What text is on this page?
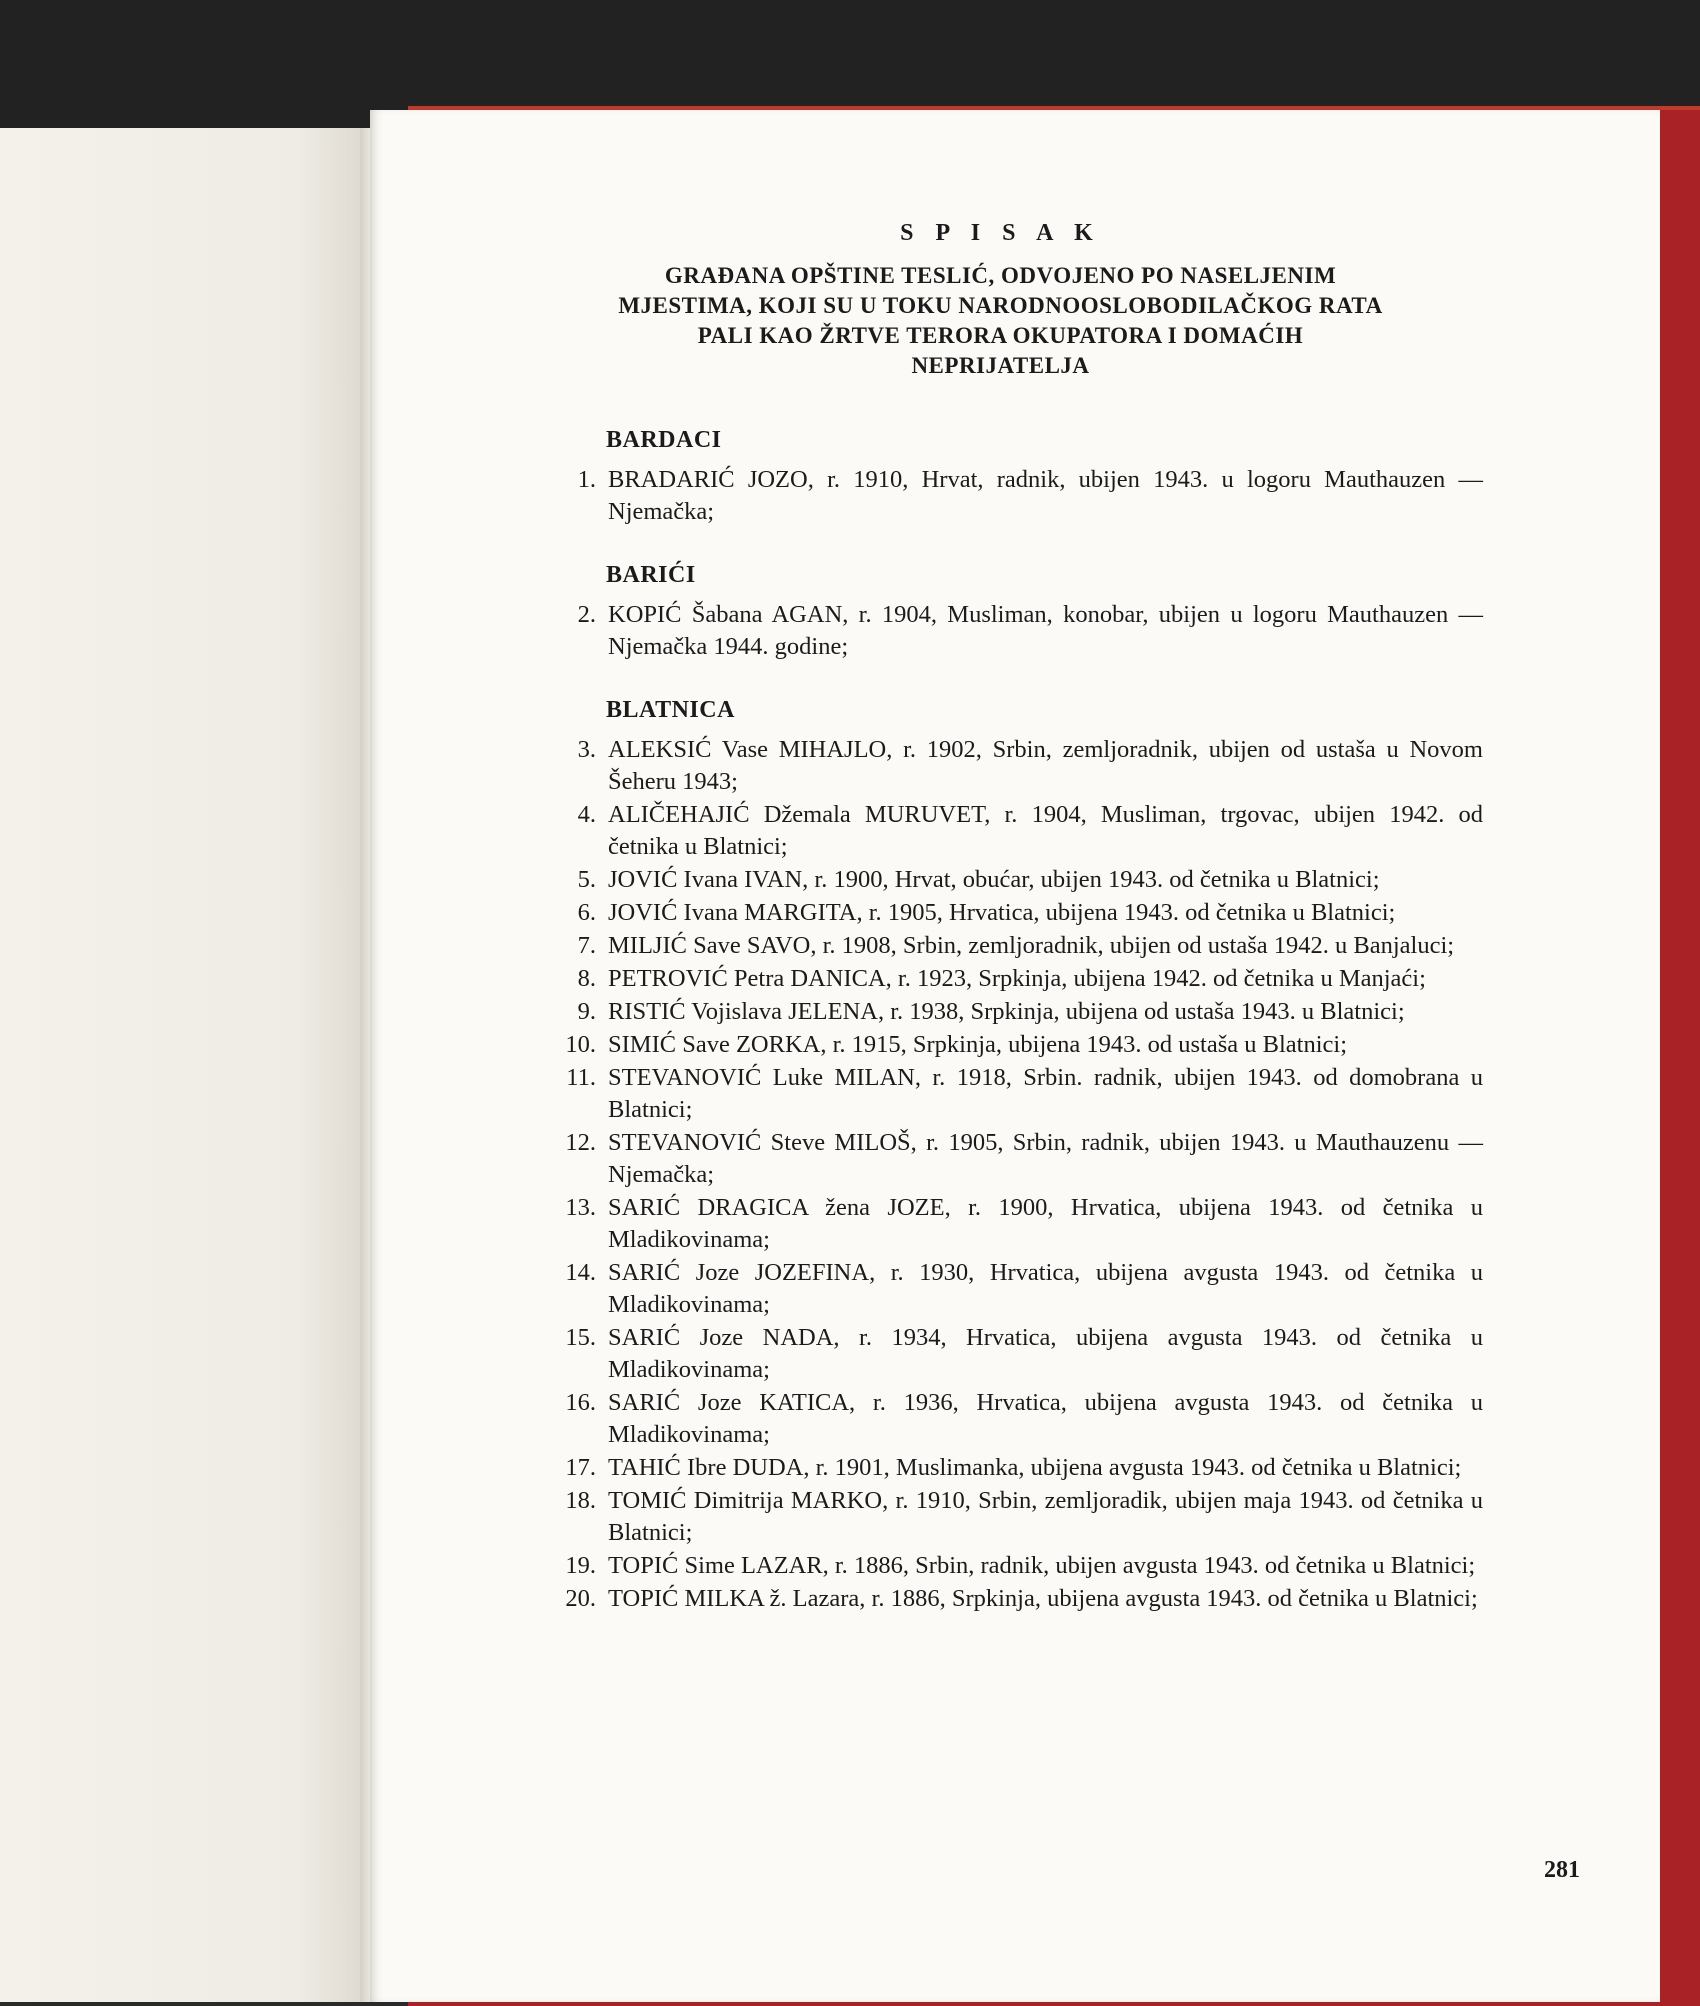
S P I S A K

GRAĐANA OPŠTINE TESLIĆ, ODVOJENO PO NASELJENIM

MJESTIMA, KOJI SU U TOKU NARODNOOSLOBODILAČKOG RATA

PALI KAO ŽRTVE TERORA OKUPATORA I DOMAĆIH

NEPRIJATELJA

BARDACI
1. BRADARIĆ JOZO, r. 1910, Hrvat, radnik, ubijen 1943. u logoru Mauthauzen — Njemačka;
BARIĆI
2. KOPIĆ Šabana AGAN, r. 1904, Musliman, konobar, ubijen u logoru Mauthauzen — Njemačka 1944. godine;
BLATNICA
3. ALEKSIĆ Vase MIHAJLO, r. 1902, Srbin, zemljoradnik, ubijen od ustaša u Novom Šeheru 1943;
4. ALIČEHAJIĆ Džemala MURUVET, r. 1904, Musliman, trgovac, ubijen 1942. od četnika u Blatnici;
5. JOVIĆ Ivana IVAN, r. 1900, Hrvat, obućar, ubijen 1943. od četnika u Blatnici;
6. JOVIĆ Ivana MARGITA, r. 1905, Hrvatica, ubijena 1943. od četnika u Blatnici;
7. MILJIĆ Save SAVO, r. 1908, Srbin, zemljoradnik, ubijen od ustaša 1942. u Banjaluci;
8. PETROVIĆ Petra DANICA, r. 1923, Srpkinja, ubijena 1942. od četnika u Manjaći;
9. RISTIĆ Vojislava JELENA, r. 1938, Srpkinja, ubijena od ustaša 1943. u Blatnici;
10. SIMIĆ Save ZORKA, r. 1915, Srpkinja, ubijena 1943. od ustaša u Blatnici;
11. STEVANOVIĆ Luke MILAN, r. 1918, Srbin. radnik, ubijen 1943. od domobrana u Blatnici;
12. STEVANOVIĆ Steve MILOŠ, r. 1905, Srbin, radnik, ubijen 1943. u Mauthauzenu — Njemačka;
13. SARIĆ DRAGICA žena JOZE, r. 1900, Hrvatica, ubijena 1943. od četnika u Mladikovinama;
14. SARIĆ Joze JOZEFINA, r. 1930, Hrvatica, ubijena avgusta 1943. od četnika u Mladikovinama;
15. SARIĆ Joze NADA, r. 1934, Hrvatica, ubijena avgusta 1943. od četnika u Mladikovinama;
16. SARIĆ Joze KATICA, r. 1936, Hrvatica, ubijena avgusta 1943. od četnika u Mladikovinama;
17. TAHIĆ Ibre DUDA, r. 1901, Muslimanka, ubijena avgusta 1943. od četnika u Blatnici;
18. TOMIĆ Dimitrija MARKO, r. 1910, Srbin, zemljoradik, ubijen maja 1943. od četnika u Blatnici;
19. TOPIĆ Sime LAZAR, r. 1886, Srbin, radnik, ubijen avgusta 1943. od četnika u Blatnici;
20. TOPIĆ MILKA ž. Lazara, r. 1886, Srpkinja, ubijena avgusta 1943. od četnika u Blatnici;
281
